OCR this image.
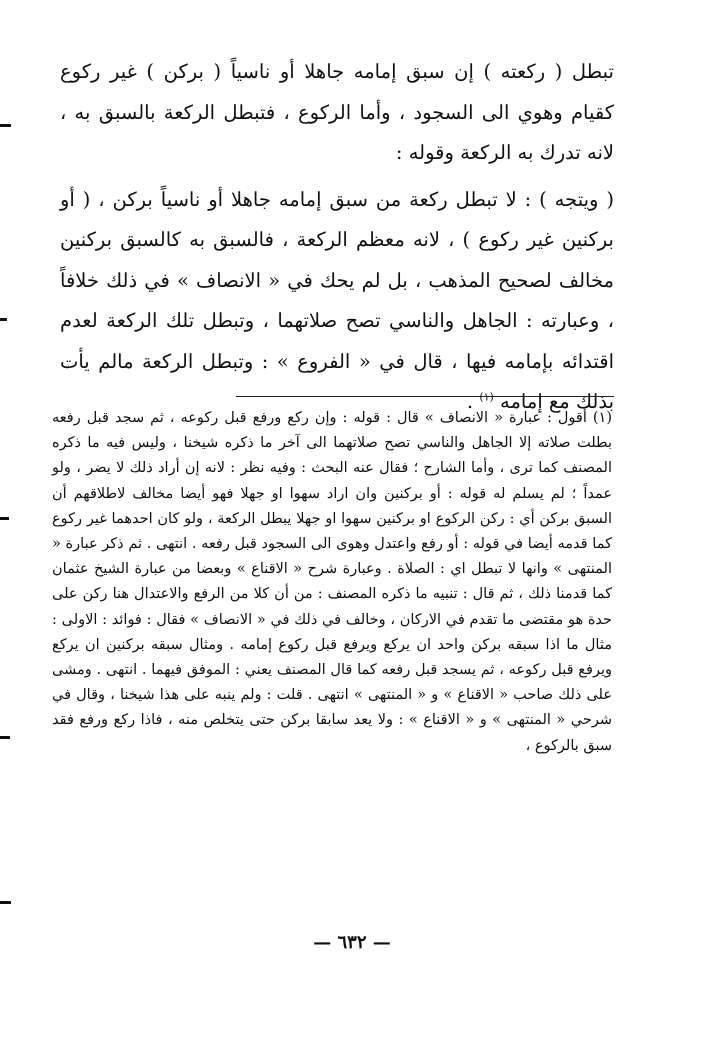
تبطل ( ركعته ) إن سبق إمامه جاهلا أو ناسياً ( بركن ) غير ركوع كقيام وهوي الى السجود ، وأما الركوع ، فتبطل الركعة بالسبق به ، لانه تدرك به الركعة وقوله :

( ويتجه ) : لا تبطل ركعة من سبق إمامه جاهلا أو ناسياً بركن ، ( أو بركنين غير ركوع ) ، لانه معظم الركعة ، فالسبق به كالسبق بركنين مخالف لصحيح المذهب ، بل لم يحك في « الانصاف » في ذلك خلافاً ، وعبارته : الجاهل والناسي تصح صلاتهما ، وتبطل تلك الركعة لعدم اقتدائه بإمامه فيها ، قال في « الفروع » : وتبطل الركعة مالم يأت بذلك مع إمامه $^{(١)}$ .

(١) أقول : عبارة « الانصاف » قال : قوله : وإن ركع ورفع قبل ركوعه ، ثم سجد قبل رفعه بطلت صلاته إلا الجاهل والناسي تصح صلاتهما الى آخر ما ذكره شيخنا ، وليس فيه ما ذكره المصنف كما ترى ، وأما الشارح ؛ فقال عنه البحث : وفيه نظر : لانه إن أراد ذلك لا يضر ، ولو عمداً ؛ لم يسلم له قوله : أو بركنين وان اراد سهوا او جهلا فهو أيضا مخالف لاطلاقهم أن السبق بركن أي : ركن الركوع او بركنين سهوا او جهلا يبطل الركعة ، ولو كان احدهما غير ركوع كما قدمه أيضا في قوله : أو رفع واعتدل وهوى الى السجود قبل رفعه . انتهى . ثم ذكر عبارة « المنتهى » وانها لا تبطل اي : الصلاة . وعبارة شرح « الاقناع » وبعضا من عبارة الشيخ عثمان كما قدمنا ذلك ، ثم قال : تنبيه ما ذكره المصنف : من أن كلا من الرفع والاعتدال هنا ركن على حدة هو مقتضى ما تقدم في الاركان ، وخالف في ذلك في « الانصاف » فقال : فوائد : الاولى : مثال ما اذا سبقه بركن واحد ان يركع ويرفع قبل ركوع إمامه . ومثال سبقه بركنين ان يركع ويرفع قبل ركوعه ، ثم يسجد قبل رفعه كما قال المصنف يعني : الموفق فيهما . انتهى . ومشى على ذلك صاحب « الاقناع » و « المنتهى » انتهى . قلت : ولم ينبه على هذا شيخنا ، وقال في شرحي « المنتهى » و « الاقناع » : ولا يعد سابقا بركن حتى يتخلص منه ، فاذا ركع ورفع فقد سبق بالركوع ،

— ٦٣٢ —
